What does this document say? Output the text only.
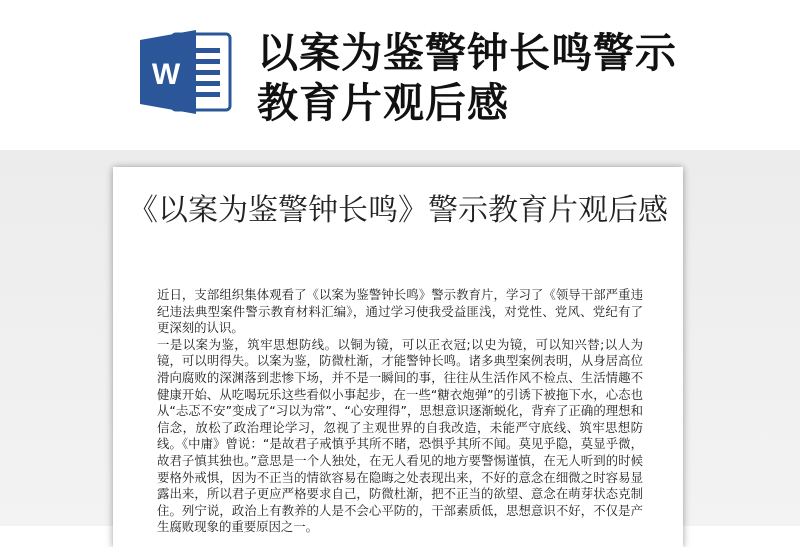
W 以案为鉴警钟长鸣警示教育片观后感
《以案为鉴警钟长鸣》警示教育片观后感

近日，支部组织集体观看了《以案为鉴警钟长鸣》警示教育片，学习了《领导干部严重违纪违法典型案件警示教育材料汇编》，通过学习使我受益匪浅，对党性、党风、党纪有了更深刻的认识。

一是以案为鉴，筑牢思想防线。以铜为镜，可以正衣冠;以史为镜，可以知兴替;以人为镜，可以明得失。以案为鉴，防微杜渐，才能警钟长鸣。诸多典型案例表明，从身居高位滑向腐败的深渊落到悲惨下场，并不是一瞬间的事，往往从生活作风不检点、生活情趣不健康开始、从吃喝玩乐这些看似小事起步，在一些“糖衣炮弹”的引诱下被拖下水，心态也从“忐忑不安”变成了“习以为常”、“心安理得”，思想意识逐渐蜕化，背弃了正确的理想和信念，放松了政治理论学习，忽视了主观世界的自我改造，未能严守底线、筑牢思想防线。《中庸》曾说：“是故君子戒慎乎其所不睹，恐惧乎其所不闻。莫见乎隐，莫显乎微，故君子慎其独也。”意思是一个人独处，在无人看见的地方要警惕谨慎，在无人听到的时候要格外戒惧，因为不正当的情欲容易在隐晦之处表现出来，不好的意念在细微之时容易显露出来，所以君子更应严格要求自己，防微杜渐，把不正当的欲望、意念在萌芽状态克制住。列宁说，政治上有教养的人是不会心平防的，干部素质低，思想意识不好，不仅是产生腐败现象的重要原因之一。
